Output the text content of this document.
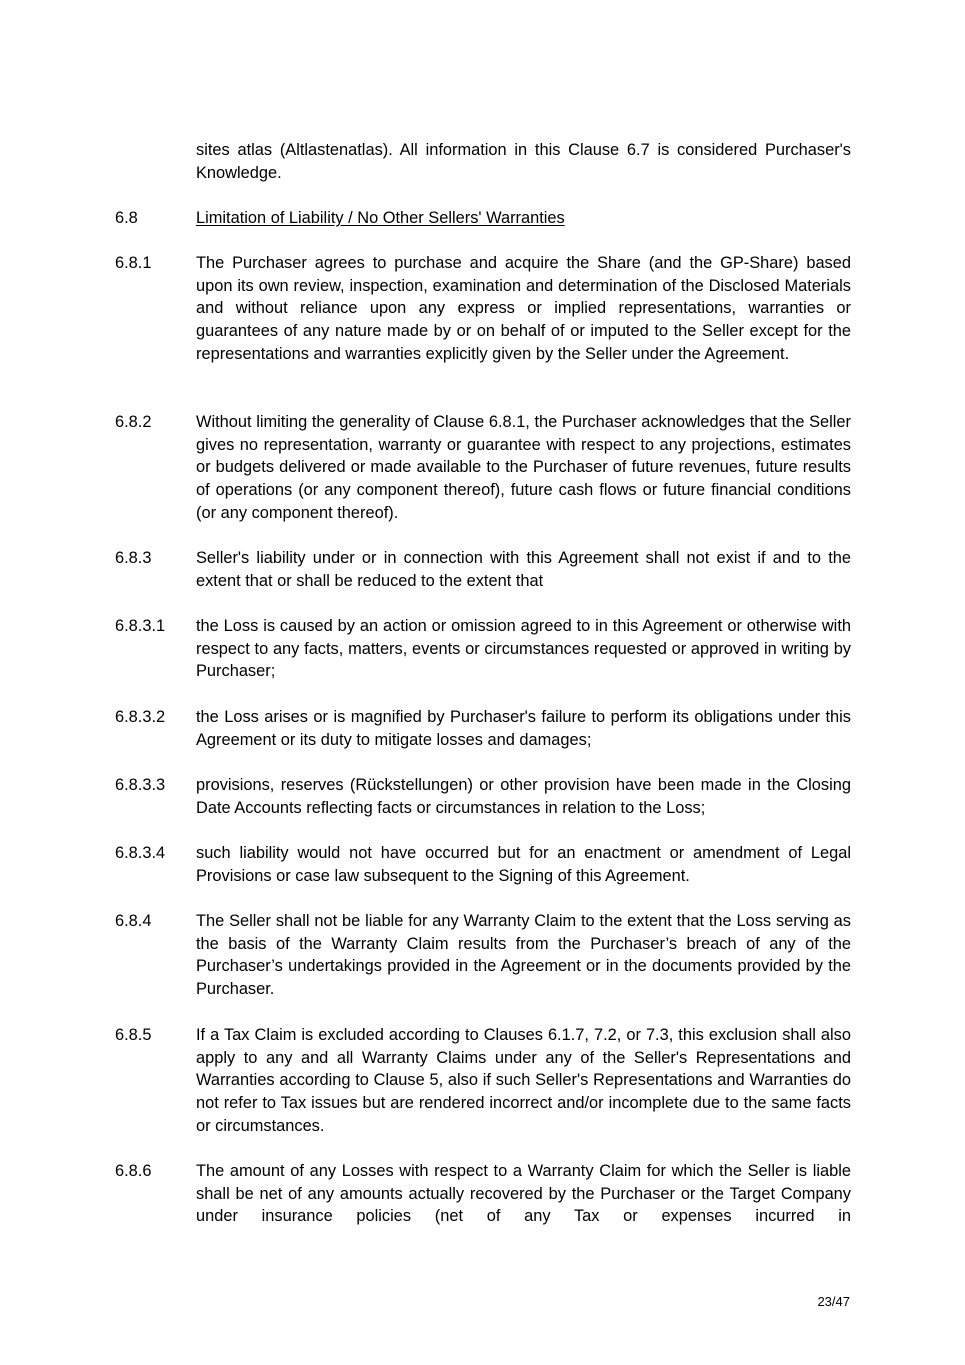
sites atlas (Altlastenatlas). All information in this Clause 6.7 is considered Purchaser's Knowledge.
6.8	Limitation of Liability / No Other Sellers' Warranties
6.8.1	The Purchaser agrees to purchase and acquire the Share (and the GP-Share) based upon its own review, inspection, examination and determination of the Disclosed Materials and without reliance upon any express or implied representations, warranties or guarantees of any nature made by or on behalf of or imputed to the Seller except for the representations and warranties explicitly given by the Seller under the Agreement.
6.8.2	Without limiting the generality of Clause 6.8.1, the Purchaser acknowledges that the Seller gives no representation, warranty or guarantee with respect to any projections, estimates or budgets delivered or made available to the Purchaser of future revenues, future results of operations (or any component thereof), future cash flows or future financial conditions (or any component thereof).
6.8.3	Seller's liability under or in connection with this Agreement shall not exist if and to the extent that or shall be reduced to the extent that
6.8.3.1	the Loss is caused by an action or omission agreed to in this Agreement or otherwise with respect to any facts, matters, events or circumstances requested or approved in writing by Purchaser;
6.8.3.2	the Loss arises or is magnified by Purchaser's failure to perform its obligations under this Agreement or its duty to mitigate losses and damages;
6.8.3.3	provisions, reserves (Rückstellungen) or other provision have been made in the Closing Date Accounts reflecting facts or circumstances in relation to the Loss;
6.8.3.4	such liability would not have occurred but for an enactment or amendment of Legal Provisions or case law subsequent to the Signing of this Agreement.
6.8.4	The Seller shall not be liable for any Warranty Claim to the extent that the Loss serving as the basis of the Warranty Claim results from the Purchaser’s breach of any of the Purchaser’s undertakings provided in the Agreement or in the documents provided by the Purchaser.
6.8.5	If a Tax Claim is excluded according to Clauses 6.1.7, 7.2, or 7.3, this exclusion shall also apply to any and all Warranty Claims under any of the Seller's Representations and Warranties according to Clause 5, also if such Seller's Representations and Warranties do not refer to Tax issues but are rendered incorrect and/or incomplete due to the same facts or circumstances.
6.8.6	The amount of any Losses with respect to a Warranty Claim for which the Seller is liable shall be net of any amounts actually recovered by the Purchaser or the Target Company under insurance policies (net of any Tax or expenses incurred in
23/47
